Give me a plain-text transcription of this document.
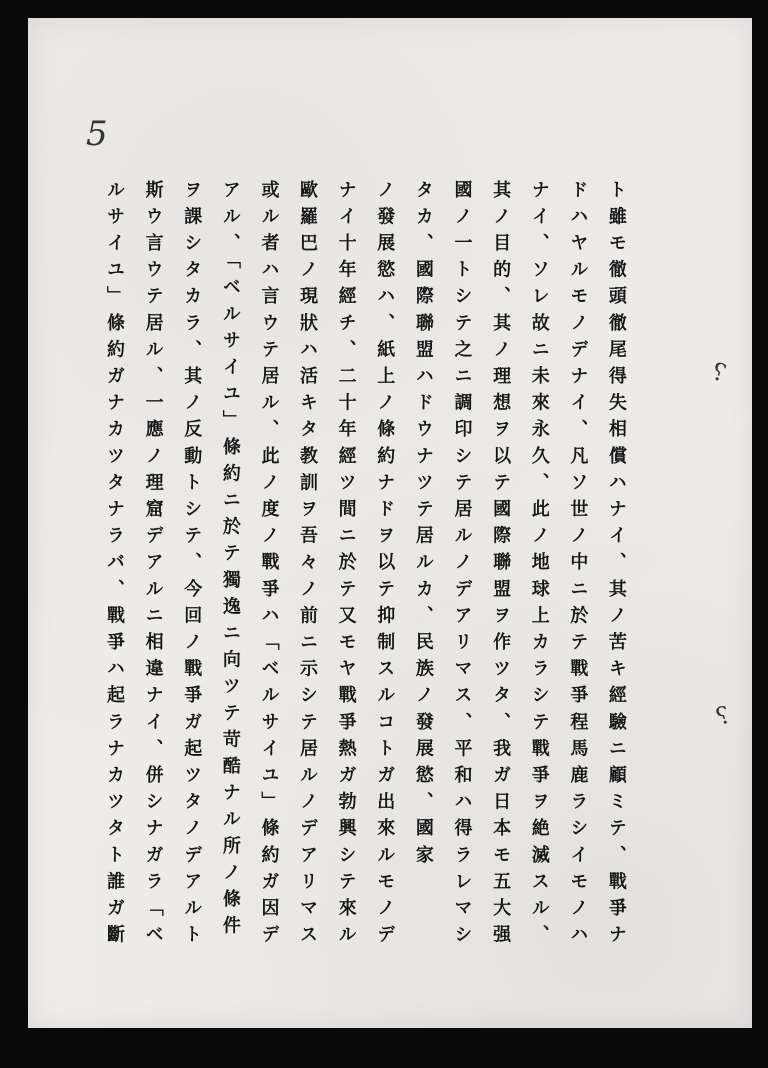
5
ト雖モ徹頭徹尾得失相償ハナイ、其ノ苦キ經驗ニ顧ミテ、戰爭ナ
ドハヤルモノデナイ、凡ソ世ノ中ニ於テ戰爭程馬鹿ラシイモノハ
ナイ、ソレ故ニ未來永久、此ノ地球上カラシテ戰爭ヲ絶滅スル、
其ノ目的、其ノ理想ヲ以テ國際聯盟ヲ作ツタ、我ガ日本モ五大强
國ノ一トシテ之ニ調印シテ居ルノデアリマス、平和ハ得ラレマシ
タカ、國際聯盟ハドウナツテ居ルカ、民族ノ發展慾、國家
ノ發展慾ハ、紙上ノ條約ナドヲ以テ抑制スルコトガ出來ルモノデ
ナイ十年經チ、二十年經ツ間ニ於テ又モヤ戰爭熱ガ勃興シテ來ル
歐羅巴ノ現狀ハ活キタ教訓ヲ吾々ノ前ニ示シテ居ルノデアリマス
或ル者ハ言ウテ居ル、此ノ度ノ戰爭ハ「ベルサイユ」條約ガ因デ
アル、「ベルサイユ」條約ニ於テ獨逸ニ向ツテ苛酷ナル所ノ條件
ヲ課シタカラ、其ノ反動トシテ、今回ノ戰爭ガ起ツタノデアルト
斯ウ言ウテ居ル、一應ノ理窟デアルニ相違ナイ、併シナガラ「ベ
ルサイユ」條約ガナカツタナラバ、戰爭ハ起ラナカツタト誰ガ斷	⸮
⸮
